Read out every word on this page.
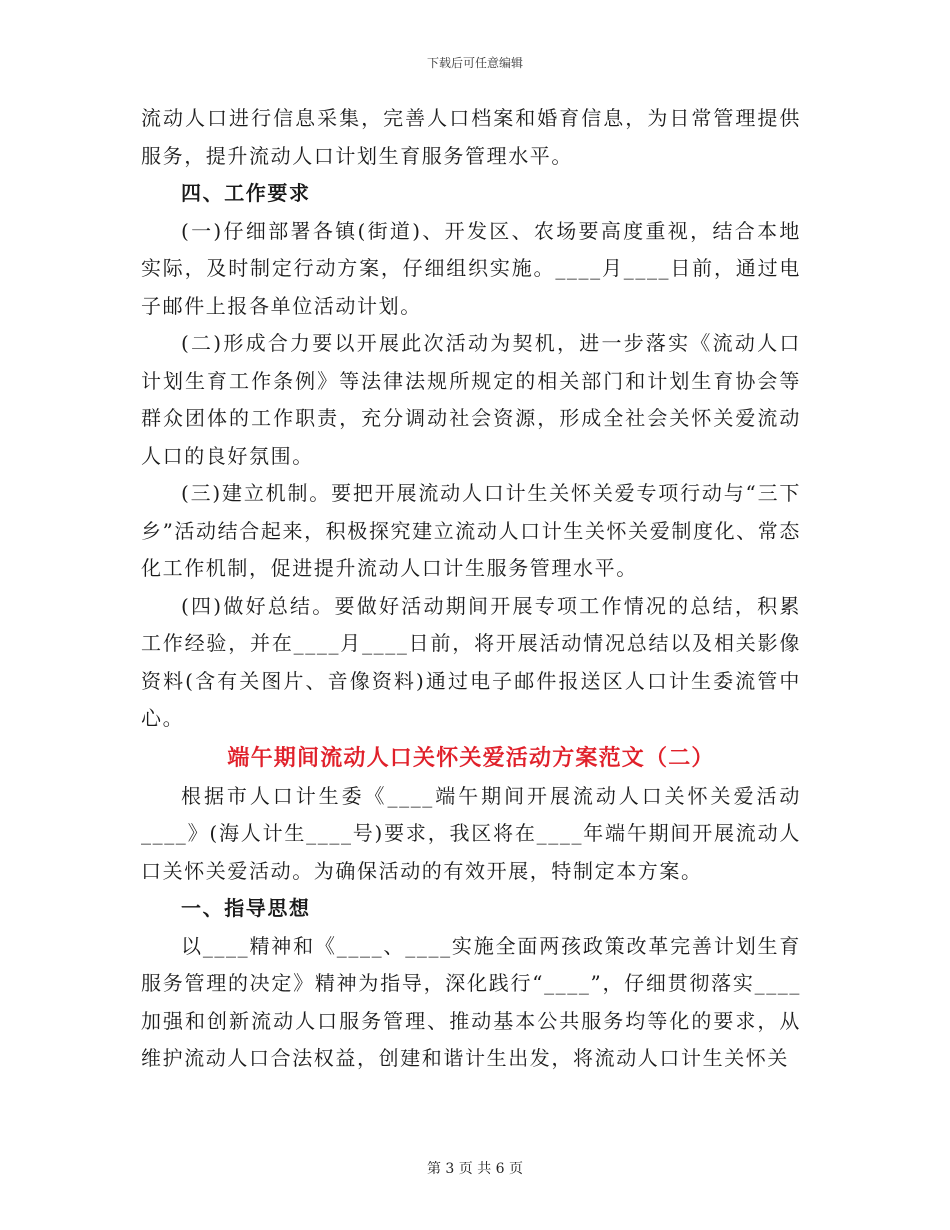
下载后可任意编辑

流动人口进行信息采集，完善人口档案和婚育信息，为日常管理提供服务，提升流动人口计划生育服务管理水平。

四、工作要求

(一)仔细部署各镇(街道)、开发区、农场要高度重视，结合本地实际，及时制定行动方案，仔细组织实施。____月____日前，通过电子邮件上报各单位活动计划。

(二)形成合力要以开展此次活动为契机，进一步落实《流动人口计划生育工作条例》等法律法规所规定的相关部门和计划生育协会等群众团体的工作职责，充分调动社会资源，形成全社会关怀关爱流动人口的良好氛围。

(三)建立机制。要把开展流动人口计生关怀关爱专项行动与“三下乡”活动结合起来，积极探究建立流动人口计生关怀关爱制度化、常态化工作机制，促进提升流动人口计生服务管理水平。

(四)做好总结。要做好活动期间开展专项工作情况的总结，积累工作经验，并在____月____日前，将开展活动情况总结以及相关影像资料(含有关图片、音像资料)通过电子邮件报送区人口计生委流管中心。

端午期间流动人口关怀关爱活动方案范文（二）

根据市人口计生委《____端午期间开展流动人口关怀关爱活动____》(海人计生____号)要求，我区将在____年端午期间开展流动人口关怀关爱活动。为确保活动的有效开展，特制定本方案。

一、指导思想

以____精神和《____、____实施全面两孩政策改革完善计划生育服务管理的决定》精神为指导，深化践行“____”，仔细贯彻落实____加强和创新流动人口服务管理、推动基本公共服务均等化的要求，从维护流动人口合法权益，创建和谐计生出发，将流动人口计生关怀关

第 3 页 共 6 页
